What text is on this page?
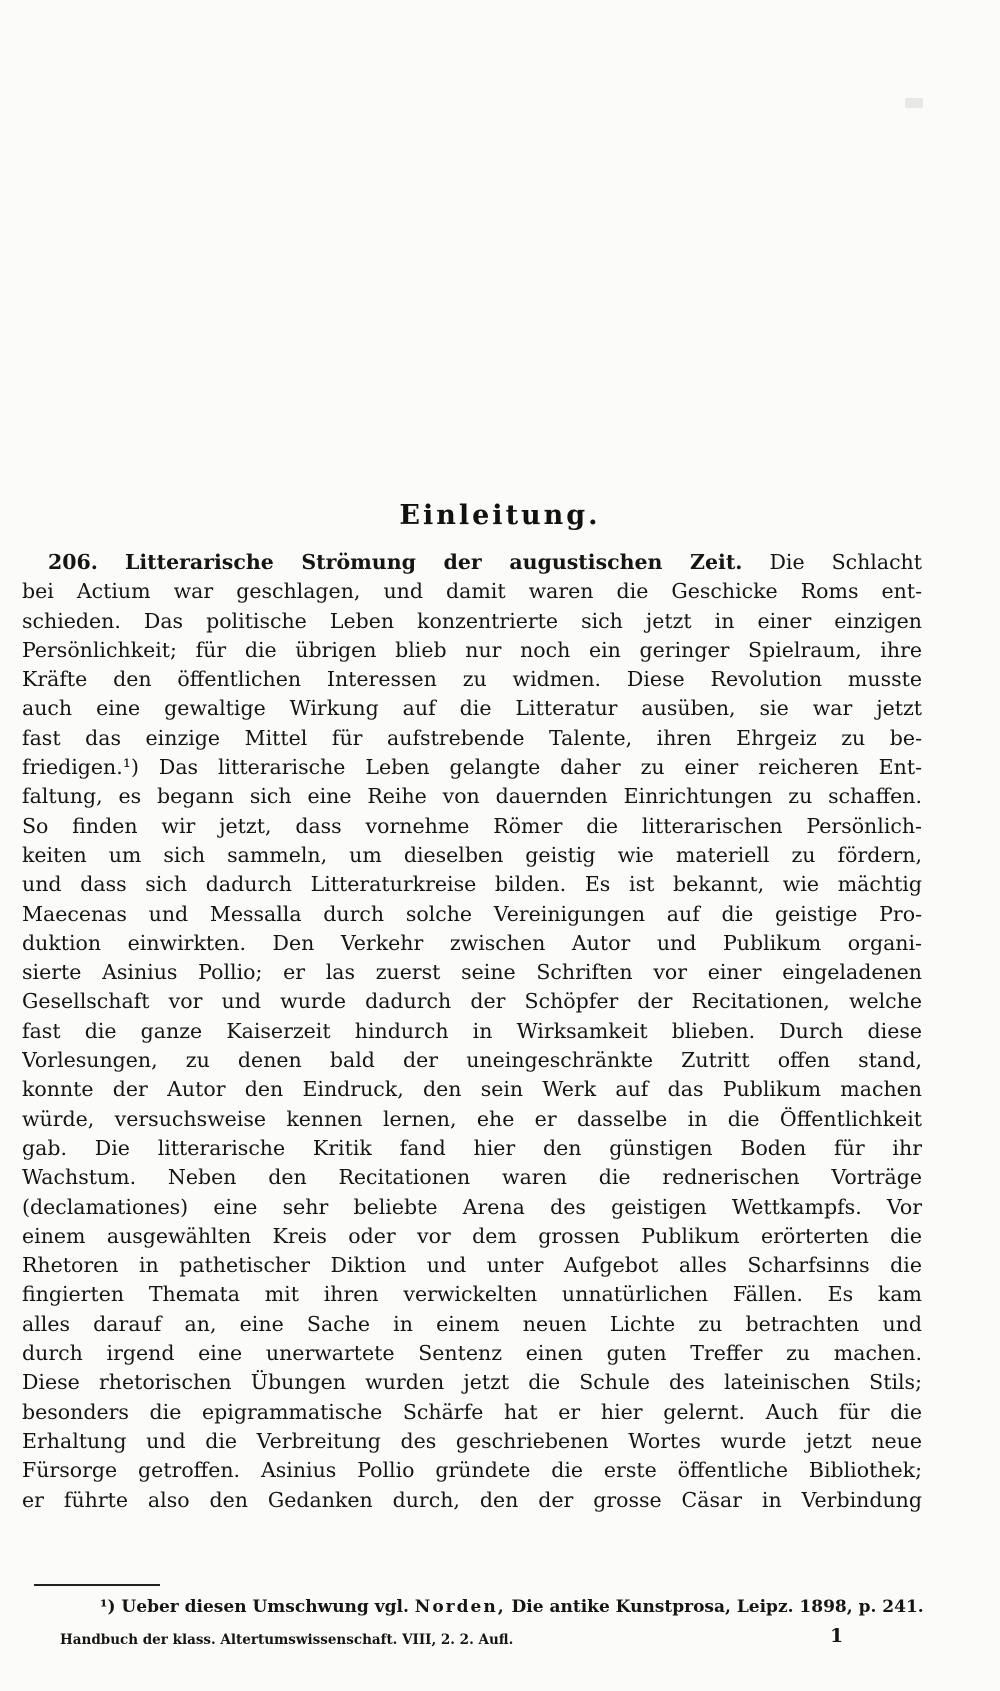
Einleitung.
206. Litterarische Strömung der augustischen Zeit. Die Schlacht
bei Actium war geschlagen, und damit waren die Geschicke Roms ent-
schieden. Das politische Leben konzentrierte sich jetzt in einer einzigen
Persönlichkeit; für die übrigen blieb nur noch ein geringer Spielraum, ihre
Kräfte den öffentlichen Interessen zu widmen. Diese Revolution musste
auch eine gewaltige Wirkung auf die Litteratur ausüben, sie war jetzt
fast das einzige Mittel für aufstrebende Talente, ihren Ehrgeiz zu be-
friedigen.¹) Das litterarische Leben gelangte daher zu einer reicheren Ent-
faltung, es begann sich eine Reihe von dauernden Einrichtungen zu schaffen.
So finden wir jetzt, dass vornehme Römer die litterarischen Persönlich-
keiten um sich sammeln, um dieselben geistig wie materiell zu fördern,
und dass sich dadurch Litteraturkreise bilden. Es ist bekannt, wie mächtig
Maecenas und Messalla durch solche Vereinigungen auf die geistige Pro-
duktion einwirkten. Den Verkehr zwischen Autor und Publikum organi-
sierte Asinius Pollio; er las zuerst seine Schriften vor einer eingeladenen
Gesellschaft vor und wurde dadurch der Schöpfer der Recitationen, welche
fast die ganze Kaiserzeit hindurch in Wirksamkeit blieben. Durch diese
Vorlesungen, zu denen bald der uneingeschränkte Zutritt offen stand,
konnte der Autor den Eindruck, den sein Werk auf das Publikum machen
würde, versuchsweise kennen lernen, ehe er dasselbe in die Öffentlichkeit
gab. Die litterarische Kritik fand hier den günstigen Boden für ihr
Wachstum. Neben den Recitationen waren die rednerischen Vorträge
(declamationes) eine sehr beliebte Arena des geistigen Wettkampfs. Vor
einem ausgewählten Kreis oder vor dem grossen Publikum erörterten die
Rhetoren in pathetischer Diktion und unter Aufgebot alles Scharfsinns die
fingierten Themata mit ihren verwickelten unnatürlichen Fällen. Es kam
alles darauf an, eine Sache in einem neuen Lichte zu betrachten und
durch irgend eine unerwartete Sentenz einen guten Treffer zu machen.
Diese rhetorischen Übungen wurden jetzt die Schule des lateinischen Stils;
besonders die epigrammatische Schärfe hat er hier gelernt. Auch für die
Erhaltung und die Verbreitung des geschriebenen Wortes wurde jetzt neue
Fürsorge getroffen. Asinius Pollio gründete die erste öffentliche Bibliothek;
er führte also den Gedanken durch, den der grosse Cäsar in Verbindung
¹) Ueber diesen Umschwung vgl. Norden, Die antike Kunstprosa, Leipz. 1898, p. 241.
Handbuch der klass. Altertumswissenschaft. VIII, 2. 2. Aufl.	1
